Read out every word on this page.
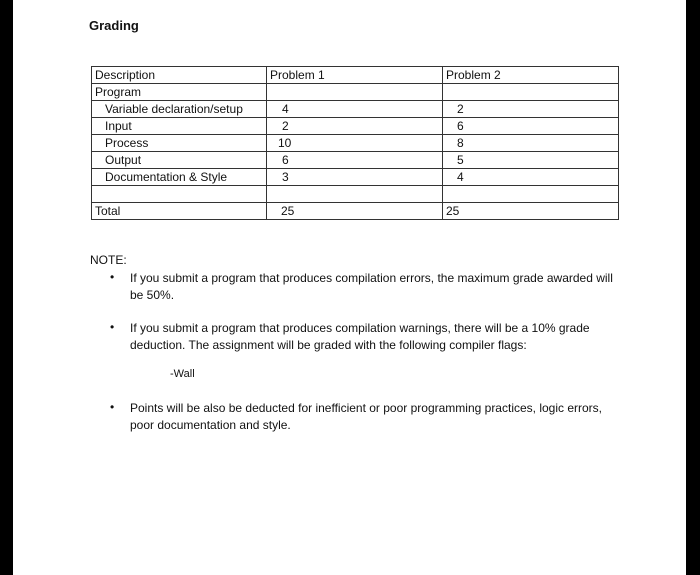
Grading
Description	Problem 1	Problem 2
Program		
Variable declaration/setup	4	2
Input	2	6
Process	10	8
Output	6	5
Documentation & Style	3	4

Total	25	25
NOTE:
• If you submit a program that produces compilation errors, the maximum grade awarded will be 50%.
• If you submit a program that produces compilation warnings, there will be a 10% grade deduction. The assignment will be graded with the following compiler flags:
-Wall
• Points will be also be deducted for inefficient or poor programming practices, logic errors, poor documentation and style.
